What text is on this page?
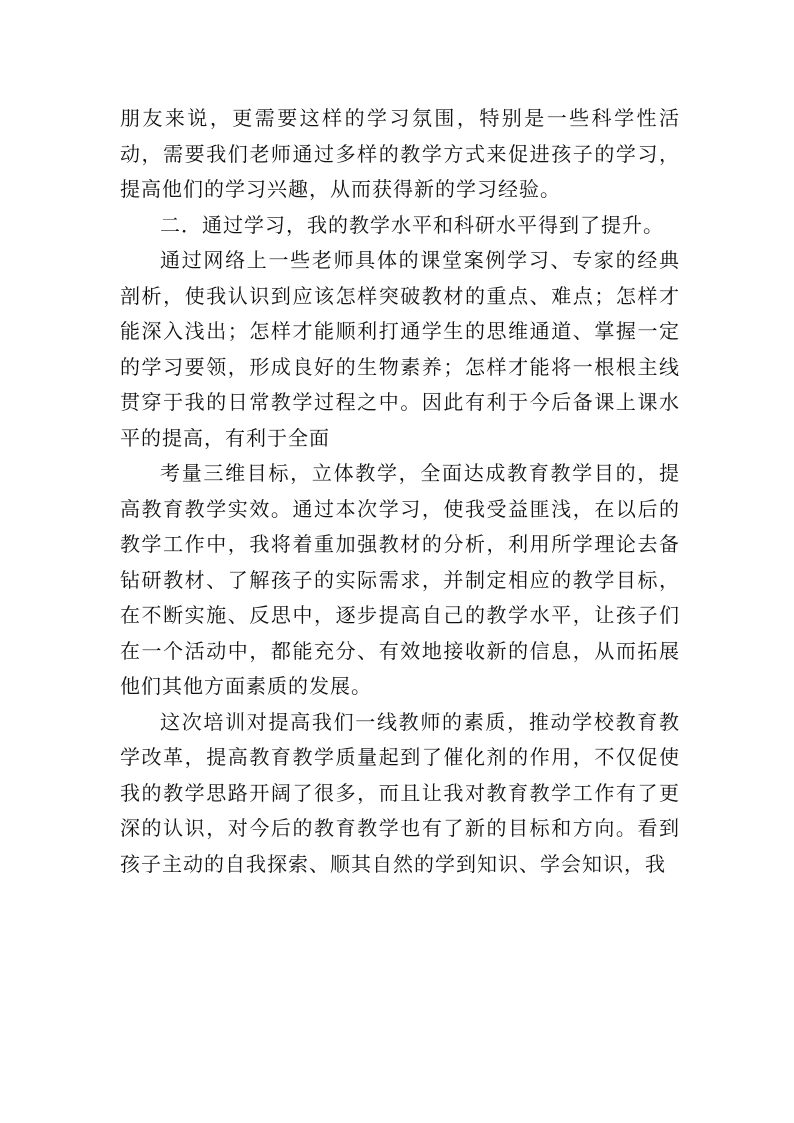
朋友来说，更需要这样的学习氛围，特别是一些科学性活动，需要我们老师通过多样的教学方式来促进孩子的学习，提高他们的学习兴趣，从而获得新的学习经验。

二．通过学习，我的教学水平和科研水平得到了提升。

通过网络上一些老师具体的课堂案例学习、专家的经典剖析，使我认识到应该怎样突破教材的重点、难点；怎样才能深入浅出；怎样才能顺利打通学生的思维通道、掌握一定的学习要领，形成良好的生物素养；怎样才能将一根根主线贯穿于我的日常教学过程之中。因此有利于今后备课上课水平的提高，有利于全面

考量三维目标，立体教学，全面达成教育教学目的，提高教育教学实效。通过本次学习，使我受益匪浅，在以后的教学工作中，我将着重加强教材的分析，利用所学理论去备钻研教材、了解孩子的实际需求，并制定相应的教学目标，在不断实施、反思中，逐步提高自己的教学水平，让孩子们在一个活动中，都能充分、有效地接收新的信息，从而拓展他们其他方面素质的发展。

这次培训对提高我们一线教师的素质，推动学校教育教学改革，提高教育教学质量起到了催化剂的作用，不仅促使我的教学思路开阔了很多，而且让我对教育教学工作有了更深的认识，对今后的教育教学也有了新的目标和方向。看到孩子主动的自我探索、顺其自然的学到知识、学会知识，我
